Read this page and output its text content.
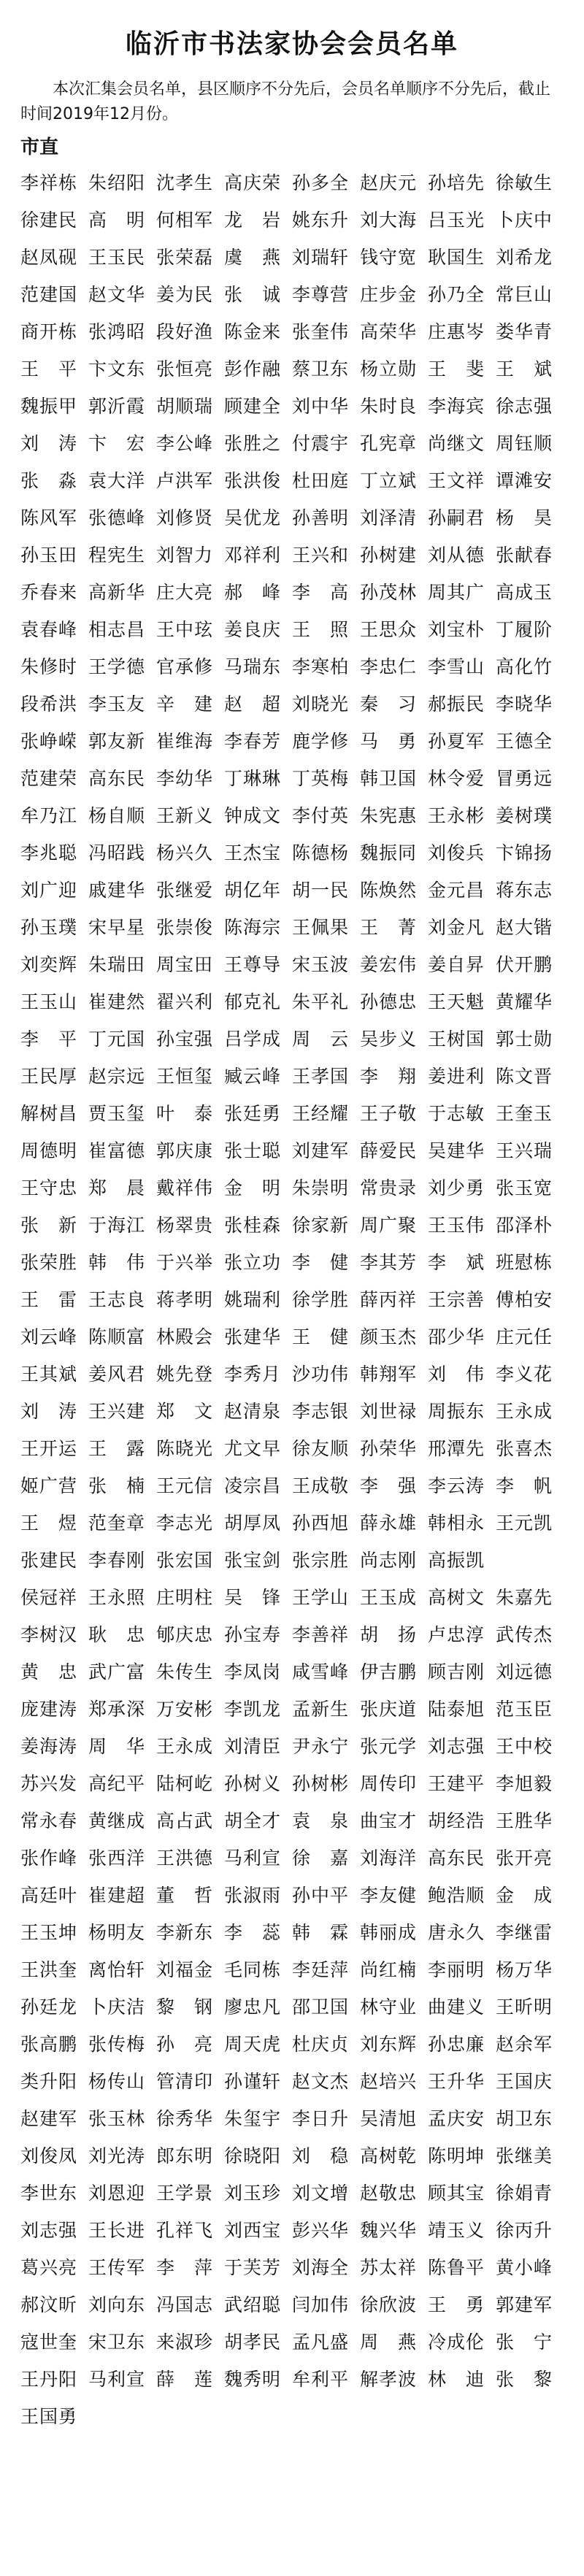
临沂市书法家协会会员名单
本次汇集会员名单，县区顺序不分先后，会员名单顺序不分先后，截止时间2019年12月份。
市直
李祥栋 朱绍阳 沈孝生 高庆荣 孙多全 赵庆元 孙培先 徐敏生
徐建民 高　明 何相军 龙　岩 姚东升 刘大海 吕玉光 卜庆中
赵凤砚 王玉民 张荣磊 虞　燕 刘瑞轩 钱守宽 耿国生 刘希龙
范建国 赵文华 姜为民 张　诚 李尊营 庄步金 孙乃全 常巨山
商开栋 张鸿昭 段好渔 陈金来 张奎伟 高荣华 庄惠岑 娄华青
王　平 卞文东 张恒亮 彭作融 蔡卫东 杨立勋 王　斐 王　斌
魏振甲 郭沂霞 胡顺瑞 顾建全 刘中华 朱时良 李海宾 徐志强
刘　涛 卞　宏 李公峰 张胜之 付震宇 孔宪章 尚继文 周钰顺
张　淼 袁大洋 卢洪军 张洪俊 杜田庭 丁立斌 王文祥 谭滩安
陈风军 张德峰 刘修贤 吴优龙 孙善明 刘泽清 孙嗣君 杨　昊
孙玉田 程宪生 刘智力 邓祥利 王兴和 孙树建 刘从德 张献春
乔春来 高新华 庄大亮 郝　峰 李　高 孙茂林 周其广 高成玉
袁春峰 相志昌 王中玹 姜良庆 王　照 王思众 刘宝朴 丁履阶
朱修时 王学德 官承修 马瑞东 李寒柏 李忠仁 李雪山 高化竹
段希洪 李玉友 辛　建 赵　超 刘晓光 秦　习 郝振民 李晓华
张峥嵘 郭友新 崔维海 李春芳 鹿学修 马　勇 孙夏军 王德全
范建荣 高东民 李幼华 丁琳琳 丁英梅 韩卫国 林令爱 冒勇远
牟乃江 杨自顺 王新义 钟成文 李付英 朱宪惠 王永彬 姜树璞
李兆聪 冯昭践 杨兴久 王杰宝 陈德杨 魏振同 刘俊兵 卞锦扬
刘广迎 戚建华 张继爱 胡亿年 胡一民 陈焕然 金元昌 蒋东志
孙玉璞 宋早星 张崇俊 陈海宗 王佩果 王　菁 刘金凡 赵大锴
刘奕辉 朱瑞田 周宝田 王尊导 宋玉波 姜宏伟 姜自昇 伏开鹏
王玉山 崔建然 翟兴利 郁克礼 朱平礼 孙德忠 王天魁 黄耀华
李　平 丁元国 孙宝强 吕学成 周　云 吴步义 王树国 郭士勋
王民厚 赵宗远 王恒玺 臧云峰 王孝国 李　翔 姜进利 陈文晋
解树昌 贾玉玺 叶　泰 张廷勇 王经耀 王子敬 于志敏 王奎玉
周德明 崔富德 郭庆康 张士聪 刘建军 薛爱民 吴建华 王兴瑞
王守忠 郑　晨 戴祥伟 金　明 朱崇明 常贵录 刘少勇 张玉宽
张　新 于海江 杨翠贵 张桂森 徐家新 周广聚 王玉伟 邵泽朴
张荣胜 韩　伟 于兴举 张立功 李　健 李其芳 李　斌 班慰栋
王　雷 王志良 蒋孝明 姚瑞利 徐学胜 薛丙祥 王宗善 傅柏安
刘云峰 陈顺富 林殿会 张建华 王　健 颜玉杰 邵少华 庄元任
王其斌 姜风君 姚先登 李秀月 沙功伟 韩翔军 刘　伟 李义花
刘　涛 王兴建 郑　文 赵清泉 李志银 刘世禄 周振东 王永成
王开运 王　露 陈晓光 尤文早 徐友顺 孙荣华 邢潭先 张喜杰
姬广营 张　楠 王元信 凌宗昌 王成敬 李　强 李云涛 李　帆
王　煜 范奎章 李志光 胡厚凤 孙西旭 薛永雄 韩相永 王元凯
张建民 李春刚 张宏国 张宝剑 张宗胜 尚志刚 高振凯
侯冠祥 王永照 庄明柱 吴　锋 王学山 王玉成 高树文 朱嘉先
李树汉 耿　忠 郇庆忠 孙宝寿 李善祥 胡　扬 卢忠淳 武传杰
黄　忠 武广富 朱传生 李凤岗 咸雪峰 伊吉鹏 顾吉刚 刘远德
庞建涛 郑承深 万安彬 李凯龙 孟新生 张庆道 陆泰旭 范玉臣
姜海涛 周　华 王永成 刘清臣 尹永宁 张元学 刘志强 王中校
苏兴发 高纪平 陆柯屹 孙树义 孙树彬 周传印 王建平 李旭毅
常永春 黄继成 高占武 胡全才 袁　泉 曲宝才 胡经浩 王胜华
张作峰 张西洋 王洪德 马利宣 徐　嘉 刘海洋 高东民 张开亮
高廷叶 崔建超 董　哲 张淑雨 孙中平 李友健 鲍浩顺 金　成
王玉坤 杨明友 李新东 李　蕊 韩　霖 韩丽成 唐永久 李继雷
王洪奎 离怡轩 刘福金 毛同栋 李廷萍 尚红楠 李丽明 杨万华
孙廷龙 卜庆洁 黎　钢 廖忠凡 邵卫国 林守业 曲建义 王昕明
张高鹏 张传梅 孙　亮 周天虎 杜庆贞 刘东辉 孙忠廉 赵余军
类升阳 杨传山 管清印 孙谨轩 赵文杰 赵培兴 王升华 王国庆
赵建军 张玉林 徐秀华 朱玺宇 李日升 吴清旭 孟庆安 胡卫东
刘俊凤 刘光涛 郎东明 徐晓阳 刘　稳 高树乾 陈明坤 张继美
李世东 刘恩迎 王学景 刘玉珍 刘文增 赵敬忠 顾其宝 徐娟青
刘志强 王长进 孔祥飞 刘西宝 彭兴华 魏兴华 靖玉义 徐丙升
葛兴亮 王传军 李　萍 于芙芳 刘海全 苏太祥 陈鲁平 黄小峰
郝汶昕 刘向东 冯国志 武绍聪 闫加伟 徐欣波 王　勇 郭建军
寇世奎 宋卫东 来淑珍 胡孝民 孟凡盛 周　燕 冷成伦 张　宁
王丹阳 马利宣 薛　莲 魏秀明 牟利平 解孝波 林　迪 张　黎
王国勇
